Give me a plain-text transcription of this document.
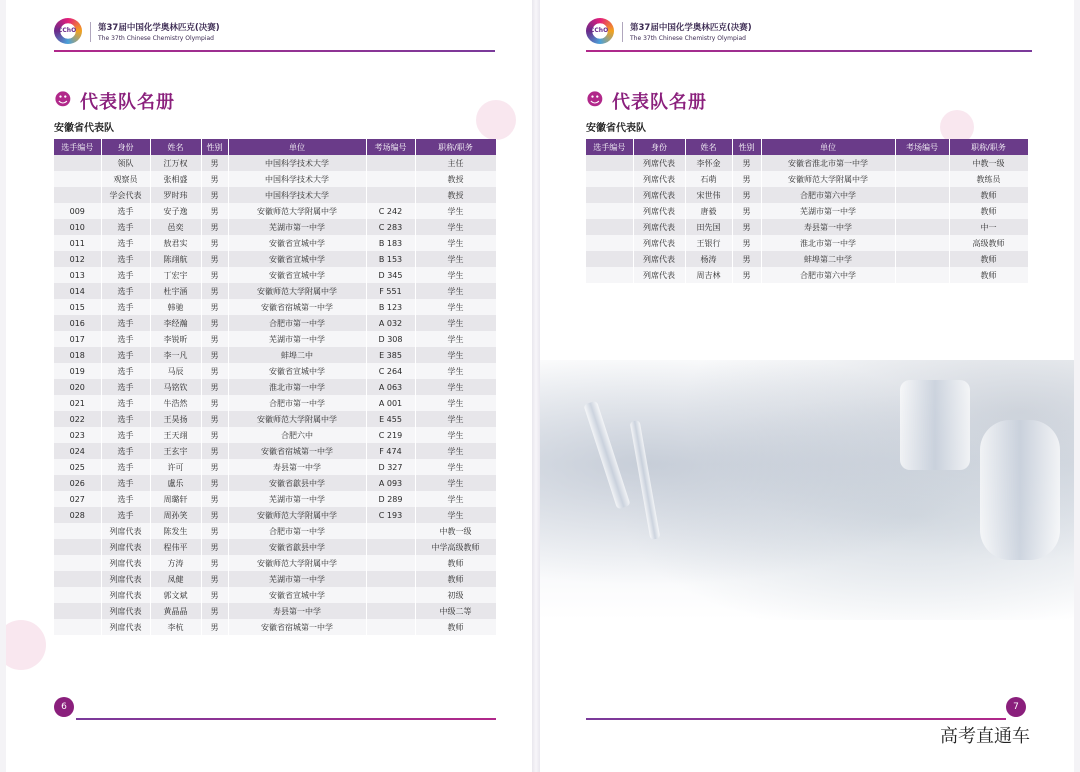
CChO	第37届中国化学奥林匹克(决赛)
The 37th Chinese Chemistry Olympiad
☻ 代表队名册
安徽省代表队
选手编号	身份	姓名	性别	单位	考场编号	职称/职务
	领队	江万权	男	中国科学技术大学		主任
	观察员	张相盛	男	中国科学技术大学		教授
	学会代表	罗时玮	男	中国科学技术大学		教授
009	选手	安子逸	男	安徽师范大学附属中学	C 242	学生
010	选手	邑奕	男	芜湖市第一中学	C 283	学生
011	选手	敖君实	男	安徽省宣城中学	B 183	学生
012	选手	陈翊航	男	安徽省宣城中学	B 153	学生
013	选手	丁宏宇	男	安徽省宣城中学	D 345	学生
014	选手	杜宇涵	男	安徽师范大学附属中学	F 551	学生
015	选手	韩驰	男	安徽省宿城第一中学	B 123	学生
016	选手	李经瀚	男	合肥市第一中学	A 032	学生
017	选手	李锐昕	男	芜湖市第一中学	D 308	学生
018	选手	李一凡	男	蚌埠二中	E 385	学生
019	选手	马辰	男	安徽省宣城中学	C 264	学生
020	选手	马铭钦	男	淮北市第一中学	A 063	学生
021	选手	牛浩然	男	合肥市第一中学	A 001	学生
022	选手	王昊扬	男	安徽师范大学附属中学	E 455	学生
023	选手	王天翊	男	合肥六中	C 219	学生
024	选手	王玄宇	男	安徽省宿城第一中学	F 474	学生
025	选手	许可	男	寿县第一中学	D 327	学生
026	选手	盧乐	男	安徽省歙县中学	A 093	学生
027	选手	周璐轩	男	芜湖市第一中学	D 289	学生
028	选手	周孙笑	男	安徽师范大学附属中学	C 193	学生
	列席代表	陈发生	男	合肥市第一中学		中教一级
	列席代表	程伟平	男	安徽省歙县中学		中学高级教师
	列席代表	方涛	男	安徽师范大学附属中学		教师
	列席代表	凤健	男	芜湖市第一中学		教师
	列席代表	郭文斌	男	安徽省宣城中学		初级
	列席代表	黄晶晶	男	寿县第一中学		中级二等
	列席代表	李杭	男	安徽省宿城第一中学		教师
6
CChO	第37届中国化学奥林匹克(决赛)
The 37th Chinese Chemistry Olympiad
☻ 代表队名册
安徽省代表队
选手编号	身份	姓名	性别	单位	考场编号	职称/职务
	列席代表	李怀金	男	安徽省淮北市第一中学		中教一级
	列席代表	石萌	男	安徽师范大学附属中学		教练员
	列席代表	宋世伟	男	合肥市第六中学		教师
	列席代表	唐毅	男	芜湖市第一中学		教师
	列席代表	田先国	男	寿县第一中学		中一
	列席代表	王银行	男	淮北市第一中学		高级教师
	列席代表	杨涛	男	蚌埠第二中学		教师
	列席代表	周吉林	男	合肥市第六中学		教师
7
高考直通车
